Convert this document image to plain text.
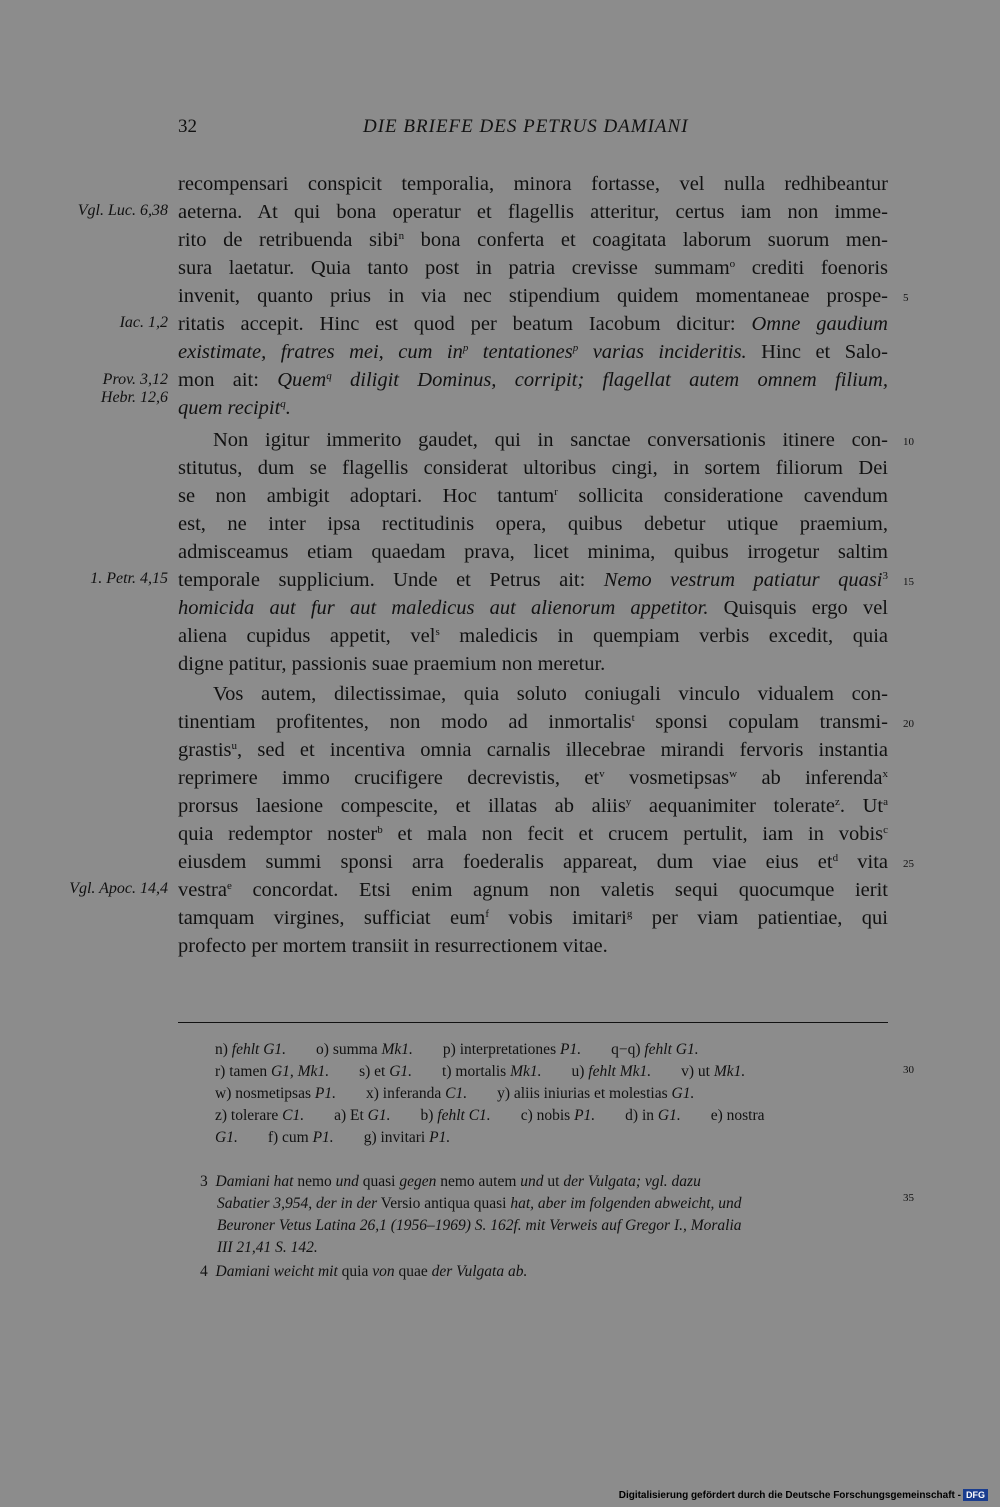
32	DIE BRIEFE DES PETRUS DAMIANI
recompensari conspicit temporalia, minora fortasse, vel nulla redhibeantur
aeterna. At qui bona operatur et flagellis atteritur, certus iam non imme-
rito de retribuenda sibi$^n$ bona conferta et coagitata laborum suorum men-
sura laetatur. Quia tanto post in patria crevisse summam$^o$ crediti foenoris
invenit, quanto prius in via nec stipendium quidem momentaneae prospe-
ritatis accepit. Hinc est quod per beatum Iacobum dicitur: Omne gaudium
existimate, fratres mei, cum $in^p$ tentationes$^p$ varias incideritis. Hinc et Salo-
mon ait: Quem$^q$ diligit Dominus, corripit; flagellat autem omnem filium,
quem recipit$^q$.
Non igitur immerito gaudet, qui in sanctae conversationis itinere con-
stitutus, dum se flagellis considerat ultoribus cingi, in sortem filiorum Dei
se non ambigit adoptari. Hoc tantum$^r$ sollicita consideratione cavendum
est, ne inter ipsa rectitudinis opera, quibus debetur utique praemium,
admisceamus etiam quaedam prava, licet minima, quibus irrogetur saltim
temporale supplicium. Unde et Petrus ait: Nemo vestrum patiatur quasi$^3$
homicida aut fur aut maledicus aut alienorum appetitor. Quisquis ergo vel
aliena cupidus appetit, vel$^s$ maledicis in quempiam verbis excedit, quia
digne patitur, passionis suae praemium non meretur.
Vos autem, dilectissimae, quia soluto coniugali vinculo vidualem con-
tinentiam profitentes, non modo ad inmortalis$^t$ sponsi copulam transmi-
grastis$^u$, sed et incentiva omnia carnalis illecebrae mirandi fervoris instantia
reprimere immo crucifigere decrevistis, $et^v$ vosmetipsas$^w$ ab inferenda$^x$
prorsus laesione compescite, et illatas ab aliis$^y$ aequanimiter tolerate$^z$. Ut$^a$
quia redemptor noster$^b$ et mala non fecit et crucem pertulit, iam in vobis$^c$
eiusdem summi sponsi arra foederalis appareat, dum viae eius $et^d$ vita
vestra$^e$ concordat. Etsi enim agnum non valetis sequi quocumque ierit
tamquam virgines, sufficiat eum$^f$ vobis imitari$^g$ per viam patientiae, qui
profecto per mortem transiit in resurrectionem vitae.
Vgl. Luc. 6,38
Iac. 1,2
Prov. 3,12
Hebr. 12,6
1. Petr. 4,15
Vgl. Apoc. 14,4
5
10
15
20
25
30
35
n) fehlt G1. o) summa Mk1. p) interpretationes P1. q−q) fehlt G1.
r) tamen G1, Mk1. s) et G1. t) mortalis Mk1. u) fehlt Mk1. v) ut Mk1.
w) nosmetipsas P1. x) inferanda C1. y) aliis iniurias et molestias G1.
z) tolerare C1. a) Et G1. b) fehlt C1. c) nobis P1. d) in G1. e) nostra
G1. f) cum P1. g) invitari P1.
3  Damiani hat nemo und quasi gegen nemo autem und ut der Vulgata; vgl. dazu
Sabatier 3,954, der in der Versio antiqua quasi hat, aber im folgenden abweicht, und
Beuroner Vetus Latina 26,1 (1956–1969) S. 162f. mit Verweis auf Gregor I., Moralia
III 21,41 S. 142.
4  Damiani weicht mit quia von quae der Vulgata ab.
Digitalisierung gefördert durch die Deutsche Forschungsgemeinschaft - DFG
